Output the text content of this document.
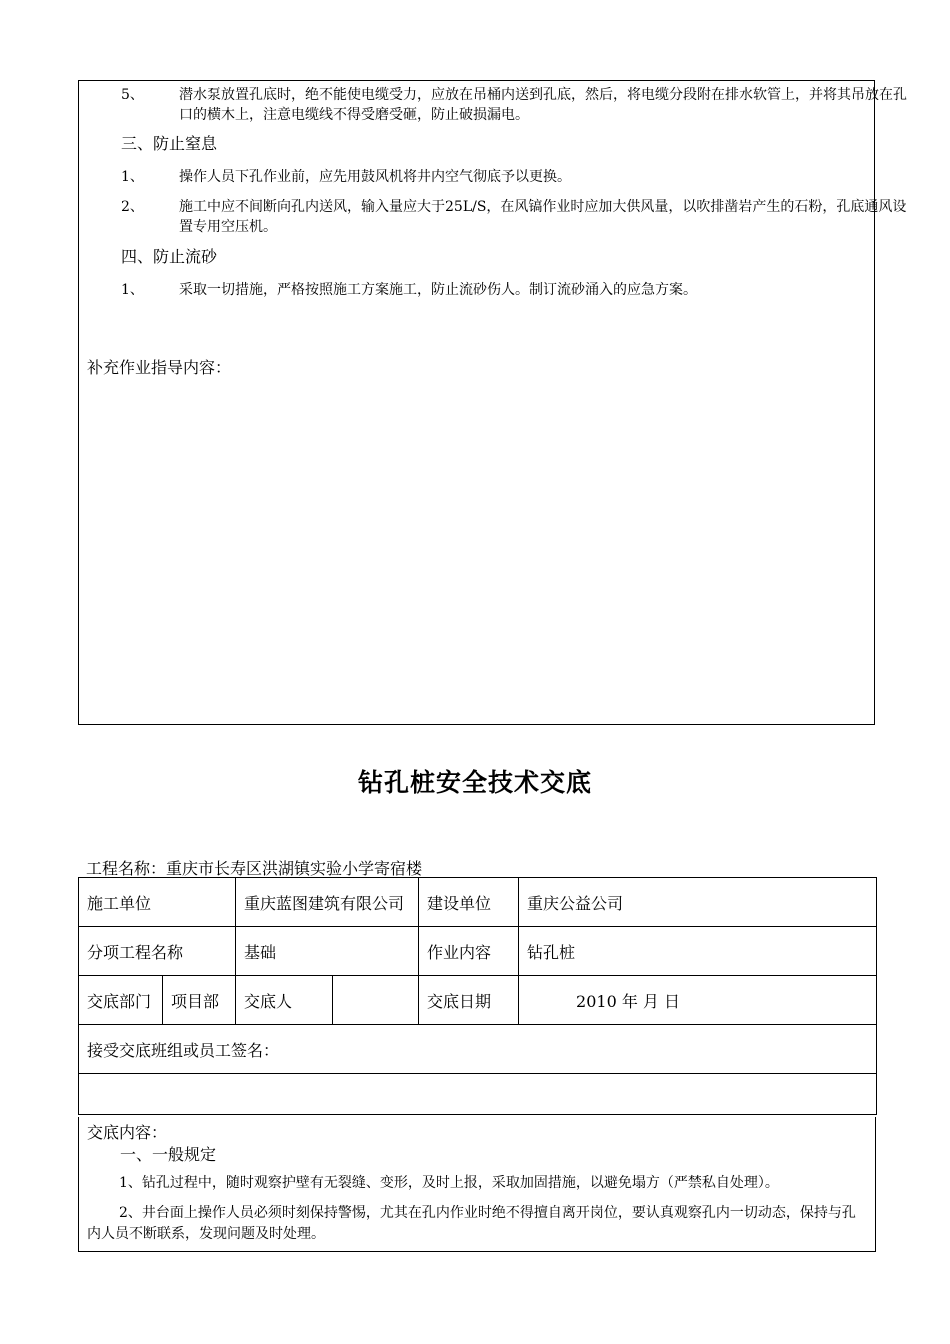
5、	潜水泵放置孔底时，绝不能使电缆受力，应放在吊桶内送到孔底，然后，将电缆分段附在排水软管上，并将其吊放在孔口的横木上，注意电缆线不得受磨受砸，防止破损漏电。
三、防止窒息
1、	操作人员下孔作业前，应先用鼓风机将井内空气彻底予以更换。
2、	施工中应不间断向孔内送风，输入量应大于25L/S，在风镐作业时应加大供风量，以吹排凿岩产生的石粉，孔底通风设置专用空压机。
四、防止流砂
1、	采取一切措施，严格按照施工方案施工，防止流砂伤人。制订流砂涌入的应急方案。
补充作业指导内容：
钻孔桩安全技术交底
工程名称：重庆市长寿区洪湖镇实验小学寄宿楼
施工单位		重庆蓝图建筑有限公司		建设单位	重庆公益公司
分项工程名称		基础		作业内容	钻孔桩
交底部门	项目部	交底人		交底日期	2010 年 月 日
接受交底班组或员工签名：					

交底内容：
一、一般规定
1、钻孔过程中，随时观察护壁有无裂缝、变形，及时上报，采取加固措施，以避免塌方（严禁私自处理）。
2、井台面上操作人员必须时刻保持警惕，尤其在孔内作业时绝不得擅自离开岗位，要认真观察孔内一切动态，保持与孔内人员不断联系，发现问题及时处理。
